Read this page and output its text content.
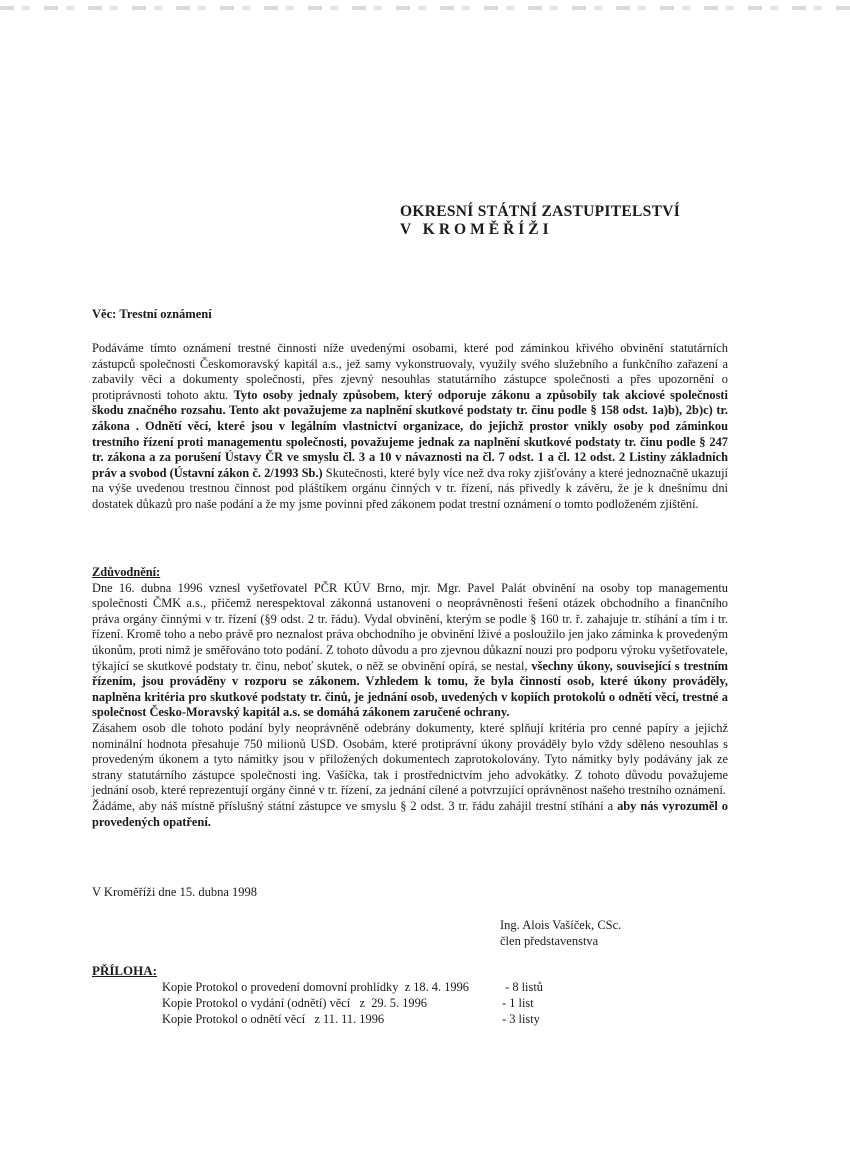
OKRESNÍ STÁTNÍ ZASTUPITELSTVÍ
V KROMĚŘÍŽI
Věc: Trestní oznámení
Podáváme tímto oznámení trestné činnosti níže uvedenými osobami, které pod záminkou křivého obvinění statutárních zástupců společnosti Českomoravský kapitál a.s., jež samy vykonstruovaly, využily svého služebního a funkčního zařazení a zabavily věci a dokumenty společnosti, přes zjevný nesouhlas statutárního zástupce společnosti a přes upozornění o protiprávnosti tohoto aktu. Tyto osoby jednaly způsobem, který odporuje zákonu a způsobily tak akciové společnosti škodu značného rozsahu. Tento akt považujeme za naplnění skutkové podstaty tr. činu podle § 158 odst. 1a)b), 2b)c) tr. zákona . Odnětí věcí, které jsou v legálním vlastnictví organizace, do jejichž prostor vnikly osoby pod záminkou trestního řízení proti managementu společnosti, považujeme jednak za naplnění skutkové podstaty tr. činu podle § 247 tr. zákona a za porušení Ústavy ČR ve smyslu čl. 3 a 10 v návaznosti na čl. 7 odst. 1 a čl. 12 odst. 2 Listiny základních práv a svobod (Ústavní zákon č. 2/1993 Sb.) Skutečnosti, které byly více než dva roky zjišťovány a které jednoznačně ukazují na výše uvedenou trestnou činnost pod pláštíkem orgánu činných v tr. řízení, nás přivedly k závěru, že je k dnešnímu dni dostatek důkazů pro naše podání a že my jsme povinni před zákonem podat trestní oznámení o tomto podloženém zjištění.
Zdůvodnění:
Dne 16. dubna 1996 vznesl vyšetřovatel PČR KÚV Brno, mjr. Mgr. Pavel Palát obvinění na osoby top managementu společnosti ČMK a.s., přičemž nerespektoval zákonná ustanovení o neoprávněnosti řešení otázek obchodního a finančního práva orgány činnými v tr. řízení (§9 odst. 2 tr. řádu). Vydal obvinění, kterým se podle § 160 tr. ř. zahajuje tr. stíhání a tím i tr. řízení. Kromě toho a nebo právě pro neznalost práva obchodního je obvinění lživé a posloužilo jen jako záminka k provedeným úkonům, proti nimž je směřováno toto podání. Z tohoto důvodu a pro zjevnou důkazní nouzi pro podporu výroku vyšetřovatele, týkající se skutkové podstaty tr. činu, neboť skutek, o něž se obvinění opírá, se nestal, všechny úkony, související s trestním řízením, jsou prováděny v rozporu se zákonem. Vzhledem k tomu, že byla činností osob, které úkony prováděly, naplněna kritéria pro skutkové podstaty tr. činů, je jednání osob, uvedených v kopiích protokolů o odnětí věcí, trestné a společnost Česko-Moravský kapitál a.s. se domáhá zákonem zaručené ochrany.
Zásahem osob dle tohoto podání byly neoprávněně odebrány dokumenty, které splňují kritéria pro cenné papíry a jejichž nominální hodnota přesahuje 750 milionů USD. Osobám, které protiprávní úkony prováděly bylo vždy sděleno nesouhlas s provedeným úkonem a tyto námitky jsou v přiložených dokumentech zaprotokolovány. Tyto námitky byly podávány jak ze strany statutárního zástupce společnosti ing. Vašíčka, tak i prostřednictvím jeho advokátky. Z tohoto důvodu považujeme jednání osob, které reprezentují orgány činné v tr. řízení, za jednání cílené a potvrzující oprávněnost našeho trestního oznámení.
Žádáme, aby náš místně příslušný státní zástupce ve smyslu § 2 odst. 3 tr. řádu zahájil trestní stíhání a aby nás vyrozuměl o provedených opatření.
V Kroměříži dne 15. dubna 1998
Ing. Alois Vašíček, CSc.
člen představenstva
PŘÍLOHA:
Kopie Protokol o provedení domovní prohlídky  z 18. 4. 1996	- 8 listů
Kopie Protokol o vydání (odnětí) věcí   z  29. 5. 1996	- 1 list
Kopie Protokol o odnětí věcí   z 11. 11. 1996	- 3 listy
